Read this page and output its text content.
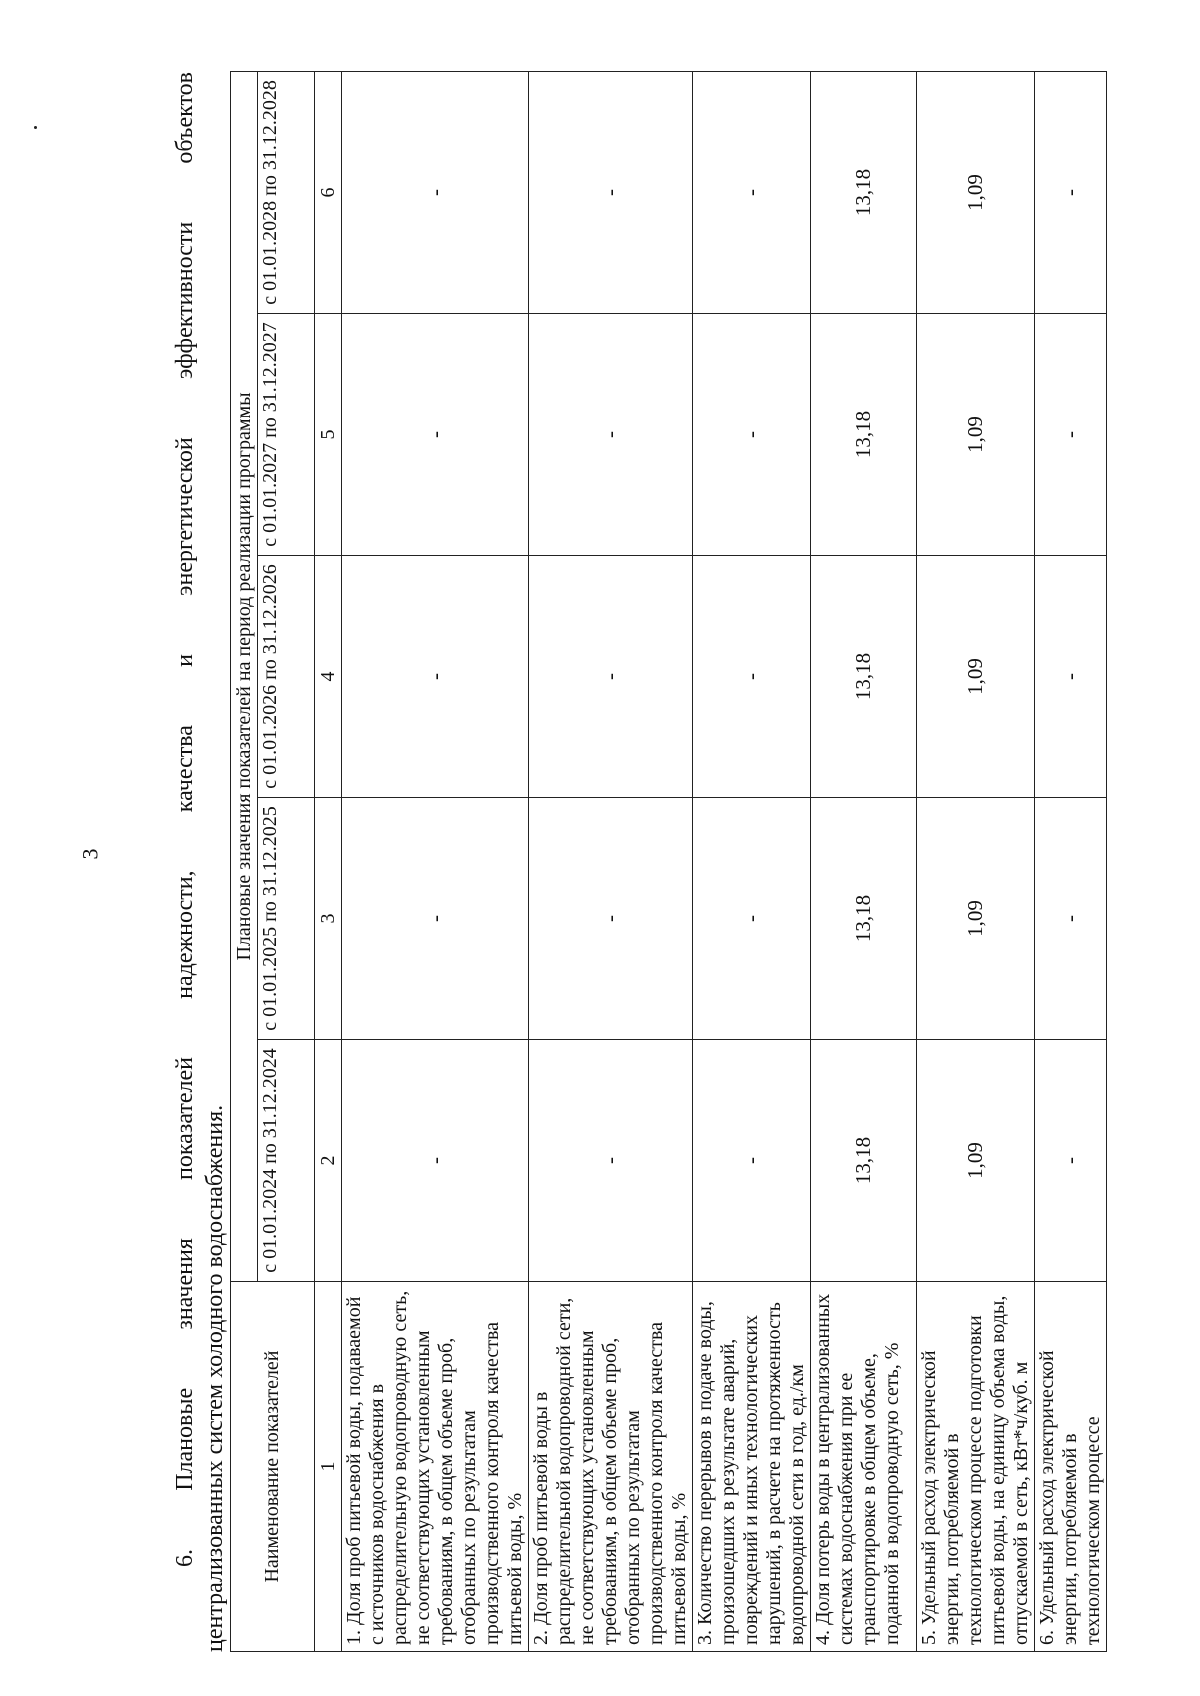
3
6.
Плановые
значения
показателей
надежности,
качества
и
энергетической
эффективности
объектов
централизованных систем холодного водоснабжения. Наименование показателей	Плановые значения показателей на период реализации программы				
	с 01.01.2024 по 31.12.2024	с 01.01.2025 по 31.12.2025	с 01.01.2026 по 31.12.2026	с 01.01.2027 по 31.12.2027	с 01.01.2028 по 31.12.2028
1	2	3	4	5	6
1. Доля проб питьевой воды, подаваемой с источников водоснабжения в распределительную водопроводную сеть, не соответствующих установленным требованиям, в общем объеме проб, отобранных по результатам производственного контроля качества питьевой воды, %	-	-	-	-	-
2. Доля проб питьевой воды в распределительной водопроводной сети, не соответствующих установленным требованиям, в общем объеме проб, отобранных по результатам производственного контроля качества питьевой воды, %	-	-	-	-	-
3. Количество перерывов в подаче воды, произошедших в результате аварий, повреждений и иных технологических нарушений, в расчете на протяженность водопроводной сети в год, ед./км	-	-	-	-	-
4. Доля потерь воды в централизованных системах водоснабжения при ее транспортировке в общем объеме, поданной в водопроводную сеть, %	13,18	13,18	13,18	13,18	13,18
5. Удельный расход электрической энергии, потребляемой в технологическом процессе подготовки питьевой воды, на единицу объема воды, отпускаемой в сеть, кВт*ч/куб. м	1,09	1,09	1,09	1,09	1,09
6. Удельный расход электрической энергии, потребляемой в технологическом процессе	-	-	-	-	-
